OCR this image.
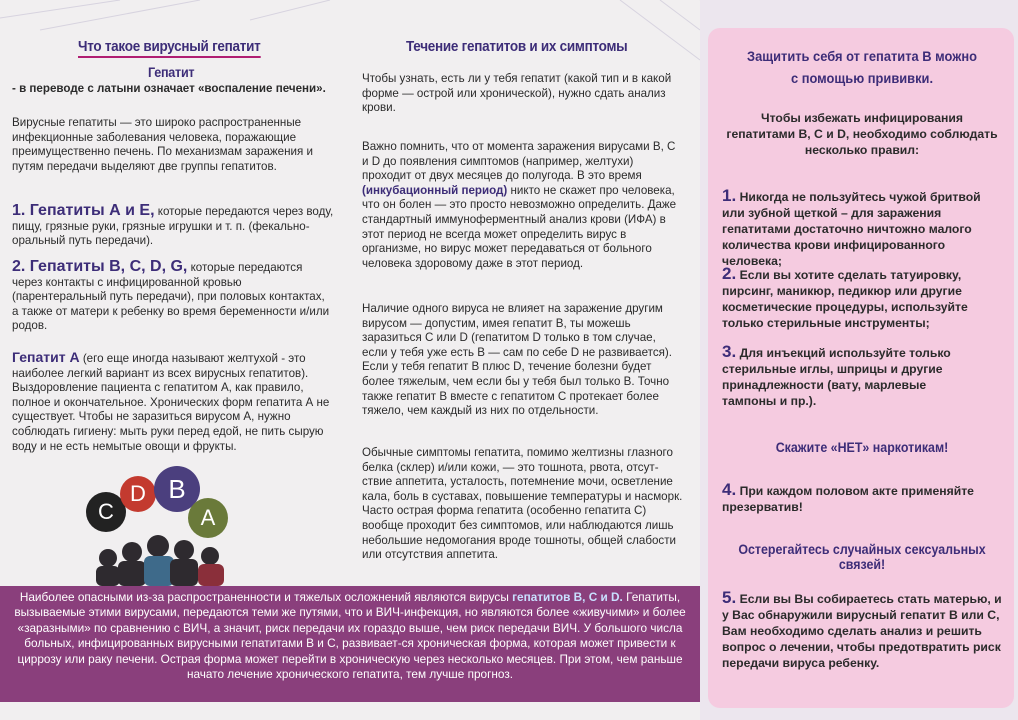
Что такое вирусный гепатит
Гепатит
- в переводе с латыни означает «воспаление печени».
Вирусные гепатиты — это широко распространенные инфекционные заболевания человека, поражающие преимущественно печень. По механизмам заражения и путям передачи выделяют две группы гепатитов.
1. Гепатиты А и Е, которые передаются через воду, пищу, грязные руки, грязные игрушки и т. п. (фекально-оральный путь передачи).
2. Гепатиты В, С, D, G, которые передаются через контакты с инфицированной кровью (парентеральный путь передачи), при половых контактах, а также от матери к ребенку во время беременности и/или родов.
Гепатит А (его еще иногда называют желтухой - это наиболее легкий вариант из всех вирусных гепатитов). Выздоровление пациента с гепатитом А, как правило, полное и окончательное. Хронических форм гепатита А не существует. Чтобы не заразиться вирусом А, нужно соблюдать гигиену: мыть руки перед едой, не пить сырую воду и не есть немытые овощи и фрукты.
C
D B
A
Течение гепатитов и их симптомы
Чтобы узнать, есть ли у тебя гепатит (какой тип и в какой форме — острой или хронической), нужно сдать анализ крови.
Важно помнить, что от момента заражения вирусами В, С и D до появления симптомов (например, желтухи) проходит от двух месяцев до полугода. В это время (инкубационный период) никто не скажет про человека, что он болен — это просто невозможно определить. Даже стандартный иммуноферментный анализ крови (ИФА) в этот период не всегда может определить вирус в организме, но вирус может передаваться от больного человека здоровому даже в этот период.
Наличие одного вируса не влияет на заражение другим вирусом — допустим, имея гепатит В, ты можешь заразиться С или D (гепатитом D только в том случае, если у тебя уже есть В — сам по себе D не развивается). Если у тебя гепатит В плюс D, течение болезни будет более тяжелым, чем если бы у тебя был только В. Точно также гепатит В вместе с гепатитом С протекает более тяжело, чем каждый из них по отдельности.
Обычные симптомы гепатита, помимо желтизны глазного белка (склер) и/или кожи, — это тошнота, рвота, отсут-ствие аппетита, усталость, потемнение мочи, осветление кала, боль в суставах, повышение температуры и насморк. Часто острая форма гепатита (особенно гепатита С) вообще проходит без симптомов, или наблюдаются лишь небольшие недомогания вроде тошноты, общей слабости или отсутствия аппетита.
Наиболее опасными из-за распространенности и тяжелых осложнений являются вирусы гепатитов В, С и D. Гепатиты, вызываемые этими вирусами, передаются теми же путями, что и ВИЧ-инфекция, но являются более «живучими» и более «заразными» по сравнению с ВИЧ, а значит, риск передачи их гораздо выше, чем риск передачи ВИЧ. У большого числа больных, инфицированных вирусными гепатитами В и С, развивает-ся хроническая форма, которая может привести к циррозу или раку печени. Острая форма может перейти в хроническую через несколько месяцев. При этом, чем раньше начато лечение хронического гепатита, тем лучше прогноз.
Защитить себя от гепатита В можно
с помощью прививки.
Чтобы избежать инфицирования гепатитами В, С и D, необходимо соблюдать несколько правил:
1. Никогда не пользуйтесь чужой бритвой или зубной щеткой – для заражения гепатитами достаточно ничтожно малого количества крови инфицированного человека;
2. Если вы хотите сделать татуировку, пирсинг, маникюр, педикюр или другие косметические процедуры, используйте только стерильные инструменты;
3. Для инъекций используйте только стерильные иглы, шприцы и другие принадлежности (вату, марлевые тампоны и пр.).
Скажите «НЕТ» наркотикам!
4. При каждом половом акте применяйте презерватив!
Остерегайтесь случайных сексуальных связей!
5. Если вы Вы собираетесь стать матерью, и у Вас обнаружили вирусный гепатит В или С, Вам необходимо сделать анализ и решить вопрос о лечении, чтобы предотвратить риск передачи вируса ребенку.
